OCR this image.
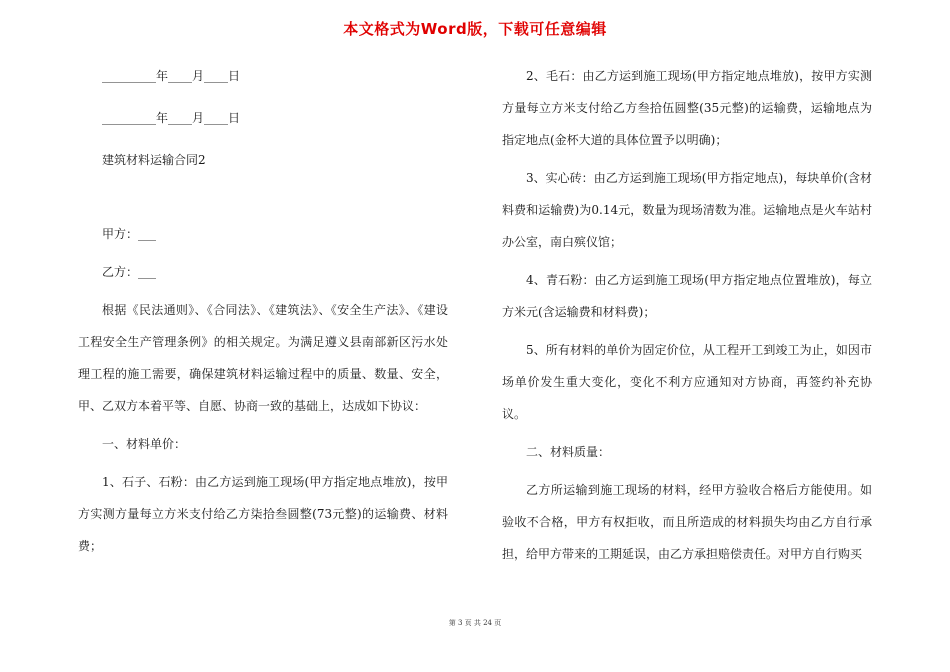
本文格式为Word版，下载可任意编辑

_________年____月____日

_________年____月____日

建筑材料运输合同2

甲方：___

乙方：___

根据《民法通则》、《合同法》、《建筑法》、《安全生产法》、《建设工程安全生产管理条例》的相关规定。为满足遵义县南部新区污水处理工程的施工需要，确保建筑材料运输过程中的质量、数量、安全，甲、乙双方本着平等、自愿、协商一致的基础上，达成如下协议：

一、材料单价：

1、石子、石粉：由乙方运到施工现场(甲方指定地点堆放)，按甲方实测方量每立方米支付给乙方柒拾叁圆整(73元整)的运输费、材料费；

2、毛石：由乙方运到施工现场(甲方指定地点堆放)，按甲方实测方量每立方米支付给乙方叁拾伍圆整(35元整)的运输费，运输地点为指定地点(金杯大道的具体位置予以明确)；

3、实心砖：由乙方运到施工现场(甲方指定地点)，每块单价(含材料费和运输费)为0.14元，数量为现场清数为准。运输地点是火车站村办公室，南白殡仪馆；

4、青石粉：由乙方运到施工现场(甲方指定地点位置堆放)，每立方米元(含运输费和材料费)；

5、所有材料的单价为固定价位，从工程开工到竣工为止，如因市场单价发生重大变化，变化不利方应通知对方协商，再签约补充协议。

二、材料质量：

乙方所运输到施工现场的材料，经甲方验收合格后方能使用。如验收不合格，甲方有权拒收，而且所造成的材料损失均由乙方自行承担，给甲方带来的工期延误，由乙方承担赔偿责任。对甲方自行购买

第 3 页 共 24 页
